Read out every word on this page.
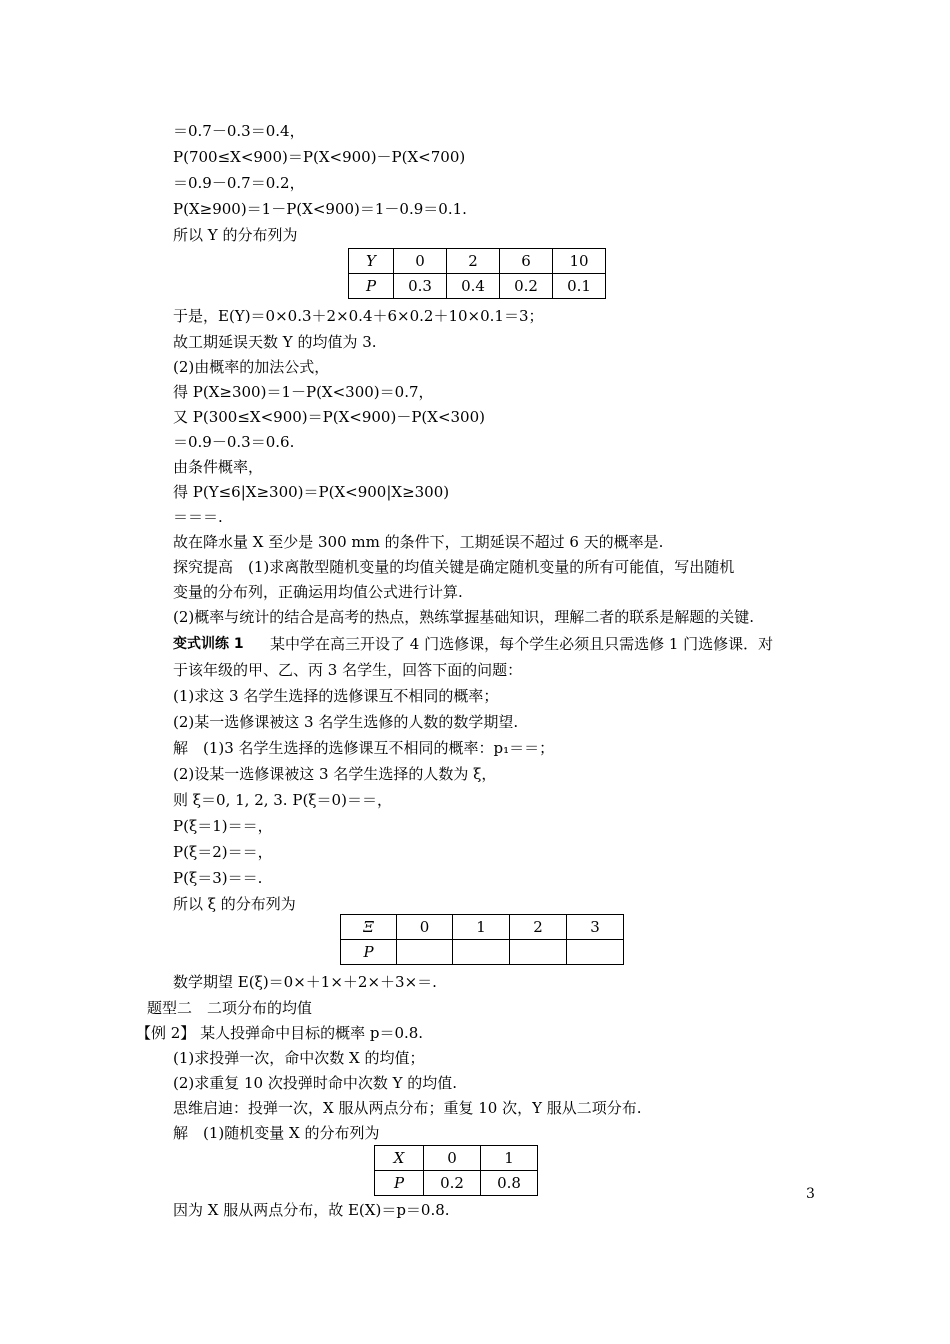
＝0.7－0.3＝0.4，
P(700≤X<900)＝P(X<900)－P(X<700)
＝0.9－0.7＝0.2，
P(X≥900)＝1－P(X<900)＝1－0.9＝0.1.
所以 Y 的分布列为
Y	0	2	6	10
P	0.3	0.4	0.2	0.1
于是，E(Y)＝0×0.3＋2×0.4＋6×0.2＋10×0.1＝3；
故工期延误天数 Y 的均值为 3.
(2)由概率的加法公式，
得 P(X≥300)＝1－P(X<300)＝0.7，
又 P(300≤X<900)＝P(X<900)－P(X<300)
＝0.9－0.3＝0.6.
由条件概率，
得 P(Y≤6|X≥300)＝P(X<900|X≥300)
＝＝＝.
故在降水量 X 至少是 300 mm 的条件下，工期延误不超过 6 天的概率是.
探究提高　(1)求离散型随机变量的均值关键是确定随机变量的所有可能值，写出随机
变量的分布列，正确运用均值公式进行计算.
(2)概率与统计的结合是高考的热点，熟练掌握基础知识，理解二者的联系是解题的关键.
变式训练 1 某中学在高三开设了 4 门选修课，每个学生必须且只需选修 1 门选修课．对
于该年级的甲、乙、丙 3 名学生，回答下面的问题：
(1)求这 3 名学生选择的选修课互不相同的概率；
(2)某一选修课被这 3 名学生选修的人数的数学期望.
解　(1)3 名学生选择的选修课互不相同的概率：p₁＝＝；
(2)设某一选修课被这 3 名学生选择的人数为 ξ，
则 ξ＝0, 1, 2, 3. P(ξ＝0)＝＝，
P(ξ＝1)＝＝，
P(ξ＝2)＝＝，
P(ξ＝3)＝＝.
所以 ξ 的分布列为
Ξ	0	1	2	3
P				
数学期望 E(ξ)＝0×＋1×＋2×＋3×＝.
题型二　二项分布的均值
【例 2】 某人投弹命中目标的概率 p＝0.8.
(1)求投弹一次，命中次数 X 的均值；
(2)求重复 10 次投弹时命中次数 Y 的均值.
思维启迪：投弹一次，X 服从两点分布；重复 10 次，Y 服从二项分布.
解　(1)随机变量 X 的分布列为
X	0	1
P	0.2	0.8
因为 X 服从两点分布，故 E(X)＝p＝0.8.
3
